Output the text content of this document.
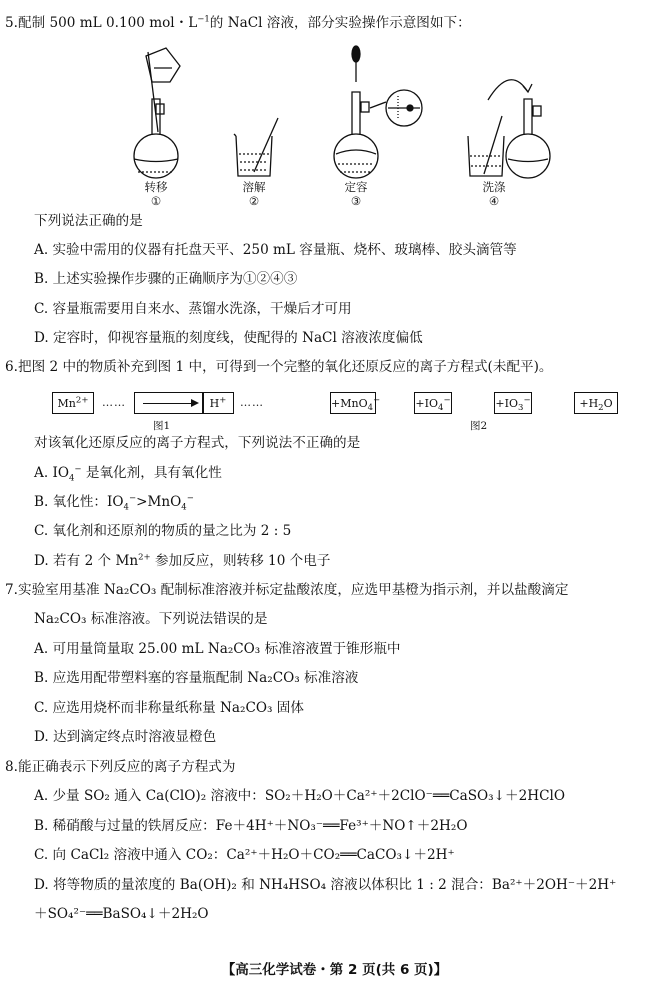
5.配制 500 mL 0.100 mol・$L^{-1}$的 NaCl 溶液，部分实验操作示意图如下：
转移
①
溶解
②
定容
③
洗涤
④
下列说法正确的是
A. 实验中需用的仪器有托盘天平、250 mL 容量瓶、烧杯、玻璃棒、胶头滴管等
B. 上述实验操作步骤的正确顺序为①②④③
C. 容量瓶需要用自来水、蒸馏水洗涤，干燥后才可用
D. 定容时，仰视容量瓶的刻度线，使配得的 NaCl 溶液浓度偏低
6.把图 2 中的物质补充到图 1 中，可得到一个完整的氧化还原反应的离子方程式(未配平)。
$Mn^{2+}$	……	H+	……
图1
+MnO$_4$−	$+IO_4^-$	$+IO_3^-$	$+H_2O$
图2
对该氧化还原反应的离子方程式，下列说法不正确的是
A. $IO_4^-$ 是氧化剂，具有氧化性
B. 氧化性：$IO_4^->MnO_4^-$
C. 氧化剂和还原剂的物质的量之比为 2 : 5
D. 若有 2 个 $Mn^{2+}$ 参加反应，则转移 10 个电子
7.实验室用基准 Na₂CO₃ 配制标准溶液并标定盐酸浓度，应选甲基橙为指示剂，并以盐酸滴定
Na₂CO₃ 标准溶液。下列说法错误的是
A. 可用量筒量取 25.00 mL Na₂CO₃ 标准溶液置于锥形瓶中
B. 应选用配带塑料塞的容量瓶配制 Na₂CO₃ 标准溶液
C. 应选用烧杯而非称量纸称量 Na₂CO₃ 固体
D. 达到滴定终点时溶液显橙色
8.能正确表示下列反应的离子方程式为
A. 少量 SO₂ 通入 Ca(ClO)₂ 溶液中：SO₂＋H₂O＋Ca²⁺＋2ClO⁻══CaSO₃↓＋2HClO
B. 稀硝酸与过量的铁屑反应：Fe＋4H⁺＋NO₃⁻══Fe³⁺＋NO↑＋2H₂O
C. 向 CaCl₂ 溶液中通入 CO₂：Ca²⁺＋H₂O＋CO₂══CaCO₃↓＋2H⁺
D. 将等物质的量浓度的 Ba(OH)₂ 和 NH₄HSO₄ 溶液以体积比 1 : 2 混合：Ba²⁺＋2OH⁻＋2H⁺
＋SO₄²⁻══BaSO₄↓＋2H₂O
【高三化学试卷・第 2 页(共 6 页)】
